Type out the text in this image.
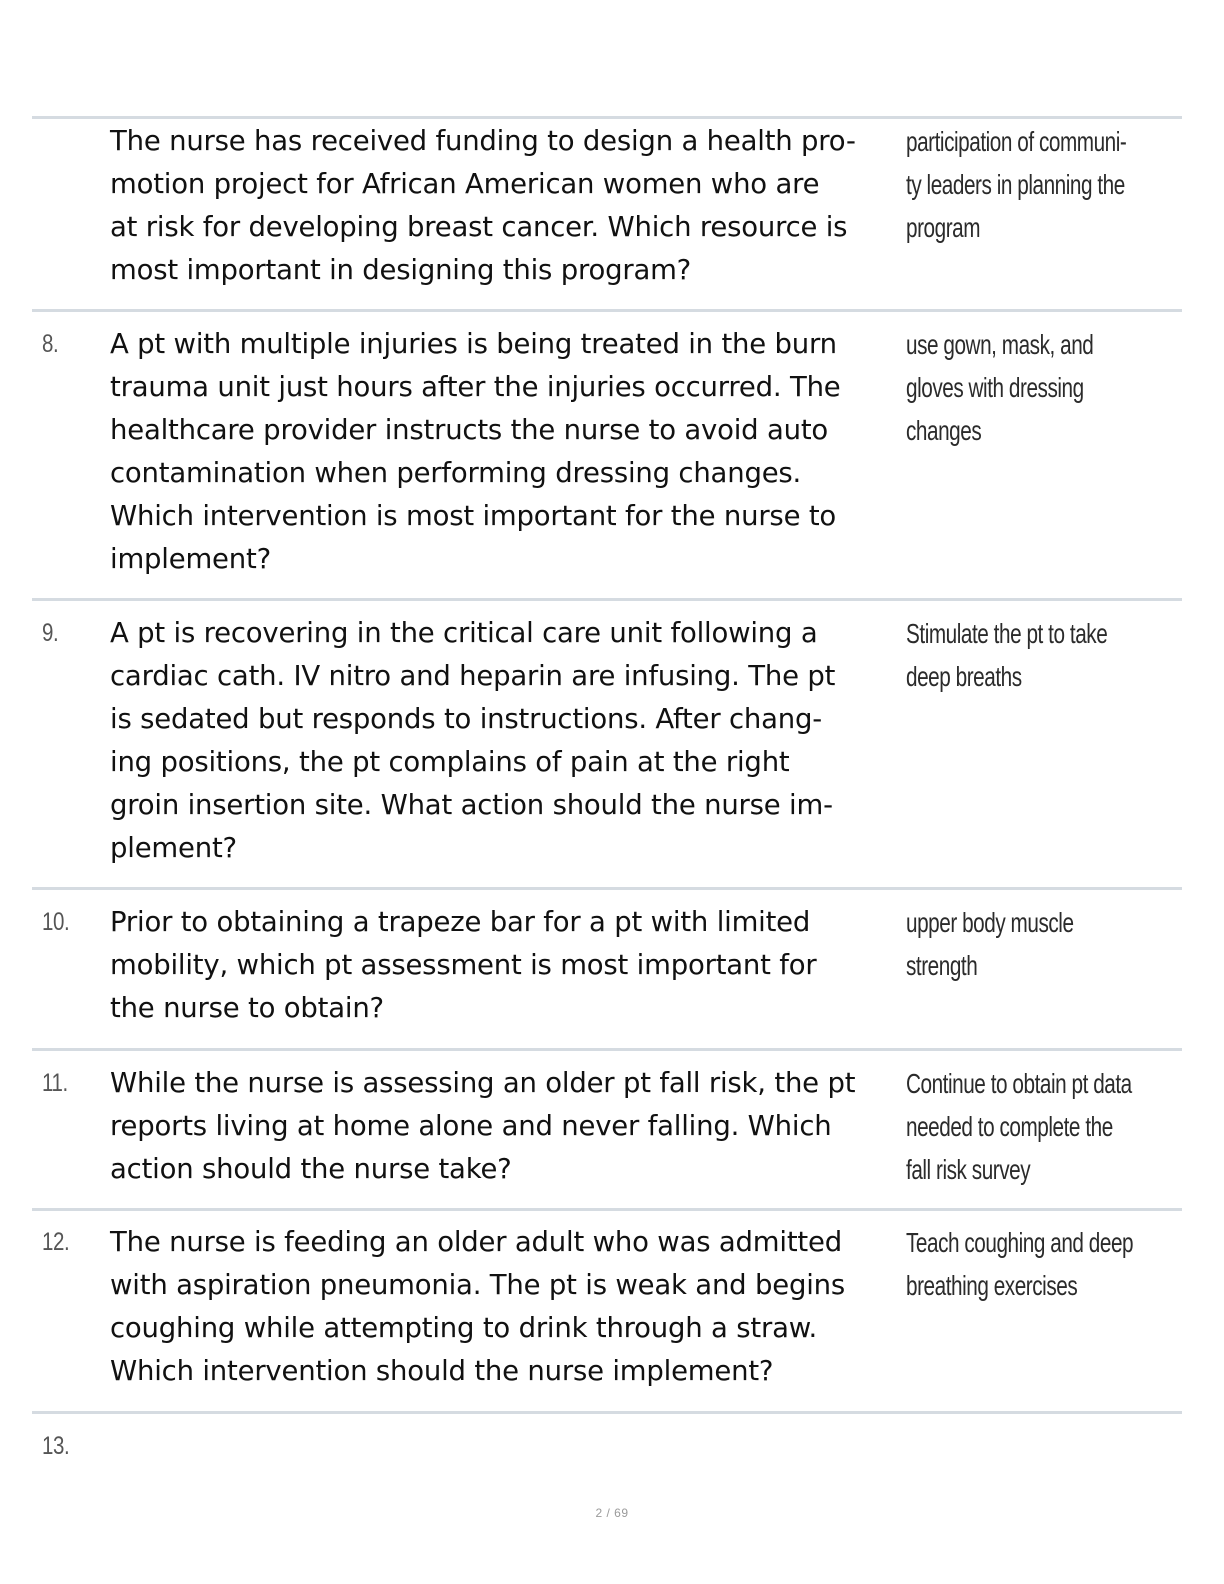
The nurse has received funding to design a health pro-
motion project for African American women who are
at risk for developing breast cancer. Which resource is
most important in designing this program?
participation of communi-
ty leaders in planning the
program
8. A pt with multiple injuries is being treated in the burn
trauma unit just hours after the injuries occurred. The
healthcare provider instructs the nurse to avoid auto
contamination when performing dressing changes.
Which intervention is most important for the nurse to
implement?
use gown, mask, and
gloves with dressing
changes
9. A pt is recovering in the critical care unit following a
cardiac cath. IV nitro and heparin are infusing. The pt
is sedated but responds to instructions. After chang-
ing positions, the pt complains of pain at the right
groin insertion site. What action should the nurse im-
plement?
Stimulate the pt to take
deep breaths
10. Prior to obtaining a trapeze bar for a pt with limited
mobility, which pt assessment is most important for
the nurse to obtain?
upper body muscle
strength
11. While the nurse is assessing an older pt fall risk, the pt
reports living at home alone and never falling. Which
action should the nurse take?
Continue to obtain pt data
needed to complete the
fall risk survey
12. The nurse is feeding an older adult who was admitted
with aspiration pneumonia. The pt is weak and begins
coughing while attempting to drink through a straw.
Which intervention should the nurse implement?
Teach coughing and deep
breathing exercises
13.
2 / 69
